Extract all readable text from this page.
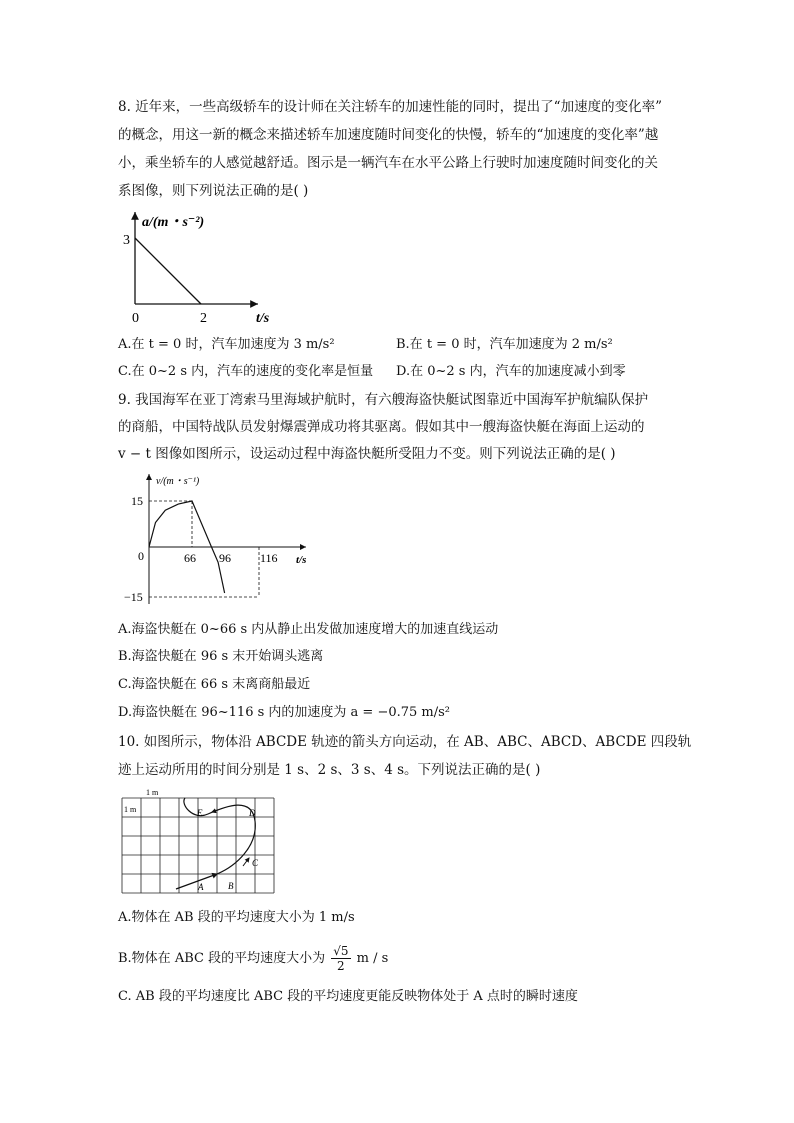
8. 近年来，一些高级轿车的设计师在关注轿车的加速性能的同时，提出了“加速度的变化率”
的概念，用这一新的概念来描述轿车加速度随时间变化的快慢，轿车的“加速度的变化率”越
小，乘坐轿车的人感觉越舒适。图示是一辆汽车在水平公路上行驶时加速度随时间变化的关
系图像，则下列说法正确的是( )
a/(m・s⁻²)
3
0	2	t/s
A.在 t = 0 时，汽车加速度为 3 m/s²	B.在 t = 0 时，汽车加速度为 2 m/s²
C.在 0~2 s 内，汽车的速度的变化率是恒量 D.在 0~2 s 内，汽车的加速度减小到零
9. 我国海军在亚丁湾索马里海域护航时，有六艘海盗快艇试图靠近中国海军护航编队保护
的商船，中国特战队员发射爆震弹成功将其驱离。假如其中一艘海盗快艇在海面上运动的
v − t 图像如图所示，设运动过程中海盗快艇所受阻力不变。则下列说法正确的是( )
v/(m・s⁻¹)
15
−15
0	66 96 116 t/s
A.海盗快艇在 0~66 s 内从静止出发做加速度增大的加速直线运动
B.海盗快艇在 96 s 末开始调头逃离
C.海盗快艇在 66 s 末离商船最近
D.海盗快艇在 96~116 s 内的加速度为 a = −0.75 m/s²
10. 如图所示，物体沿 ABCDE 轨迹的箭头方向运动，在 AB、ABC、ABCD、ABCDE 四段轨
迹上运动所用的时间分别是 1 s、2 s、3 s、4 s。下列说法正确的是( )
1 m
1 m
A	B
C
D
E
A.物体在 AB 段的平均速度大小为 1 m/s
B.物体在 ABC 段的平均速度大小为 $\frac{√5}{2}$ m / s
C. AB 段的平均速度比 ABC 段的平均速度更能反映物体处于 A 点时的瞬时速度
